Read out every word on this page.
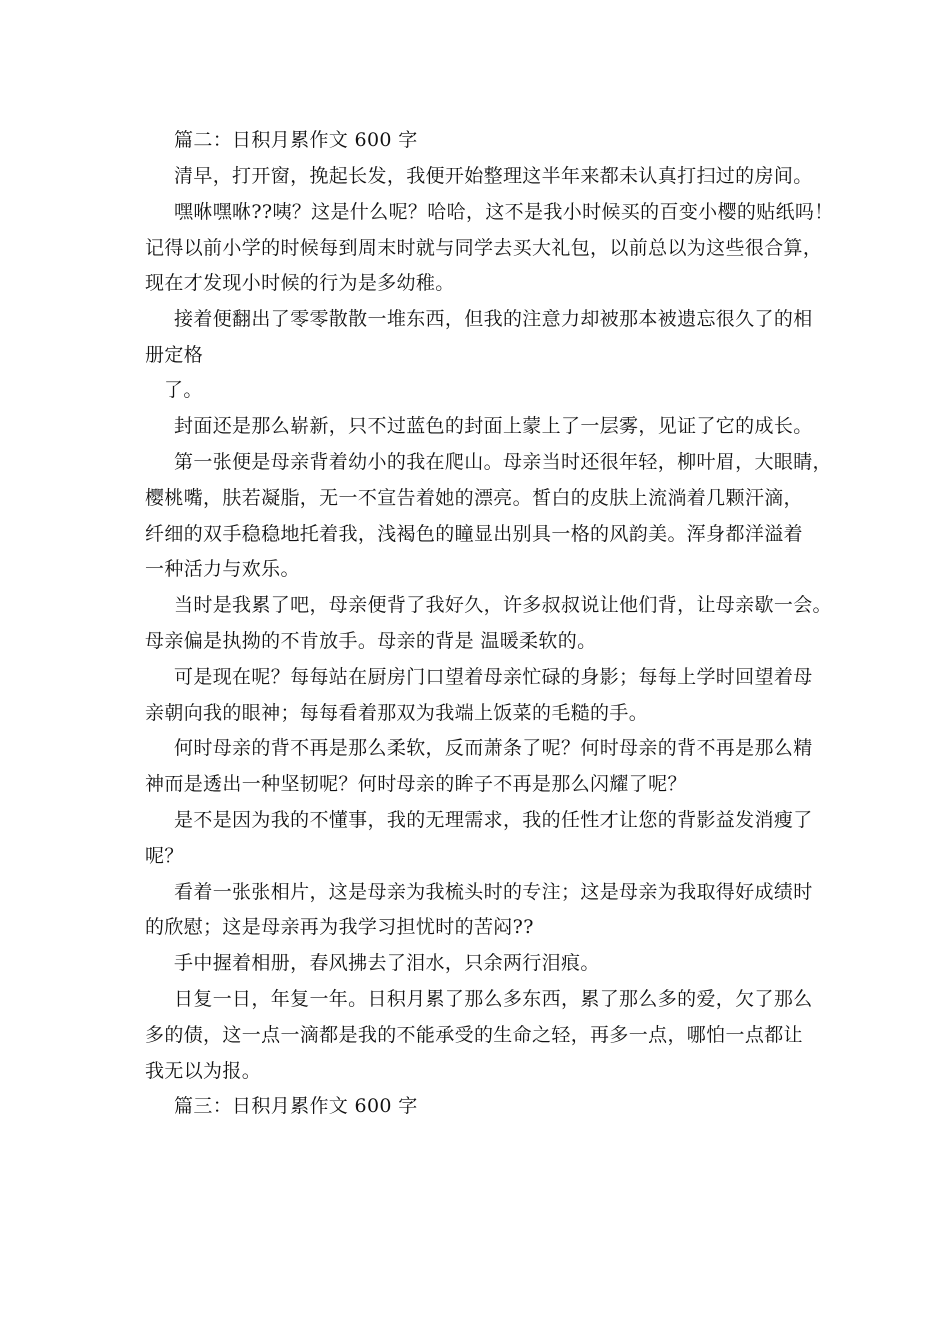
篇二：日积月累作文 600 字
清早，打开窗，挽起长发，我便开始整理这半年来都未认真打扫过的房间。
嘿咻嘿咻??咦？这是什么呢？哈哈，这不是我小时候买的百变小樱的贴纸吗！
记得以前小学的时候每到周末时就与同学去买大礼包，以前总以为这些很合算，
现在才发现小时候的行为是多幼稚。
接着便翻出了零零散散一堆东西，但我的注意力却被那本被遗忘很久了的相
册定格
了。
封面还是那么崭新，只不过蓝色的封面上蒙上了一层雾，见证了它的成长。
第一张便是母亲背着幼小的我在爬山。母亲当时还很年轻，柳叶眉，大眼睛，
樱桃嘴，肤若凝脂，无一不宣告着她的漂亮。皙白的皮肤上流淌着几颗汗滴，
纤细的双手稳稳地托着我，浅褐色的瞳显出别具一格的风韵美。浑身都洋溢着
一种活力与欢乐。
当时是我累了吧，母亲便背了我好久，许多叔叔说让他们背，让母亲歇一会。
母亲偏是执拗的不肯放手。母亲的背是 温暖柔软的。
可是现在呢？每每站在厨房门口望着母亲忙碌的身影；每每上学时回望着母
亲朝向我的眼神；每每看着那双为我端上饭菜的毛糙的手。
何时母亲的背不再是那么柔软，反而萧条了呢？何时母亲的背不再是那么精
神而是透出一种坚韧呢？何时母亲的眸子不再是那么闪耀了呢？
是不是因为我的不懂事，我的无理需求，我的任性才让您的背影益发消瘦了
呢？
看着一张张相片，这是母亲为我梳头时的专注；这是母亲为我取得好成绩时
的欣慰；这是母亲再为我学习担忧时的苦闷??
手中握着相册，春风拂去了泪水，只余两行泪痕。
日复一日，年复一年。日积月累了那么多东西，累了那么多的爱，欠了那么
多的债，这一点一滴都是我的不能承受的生命之轻，再多一点，哪怕一点都让
我无以为报。
篇三：日积月累作文 600 字
